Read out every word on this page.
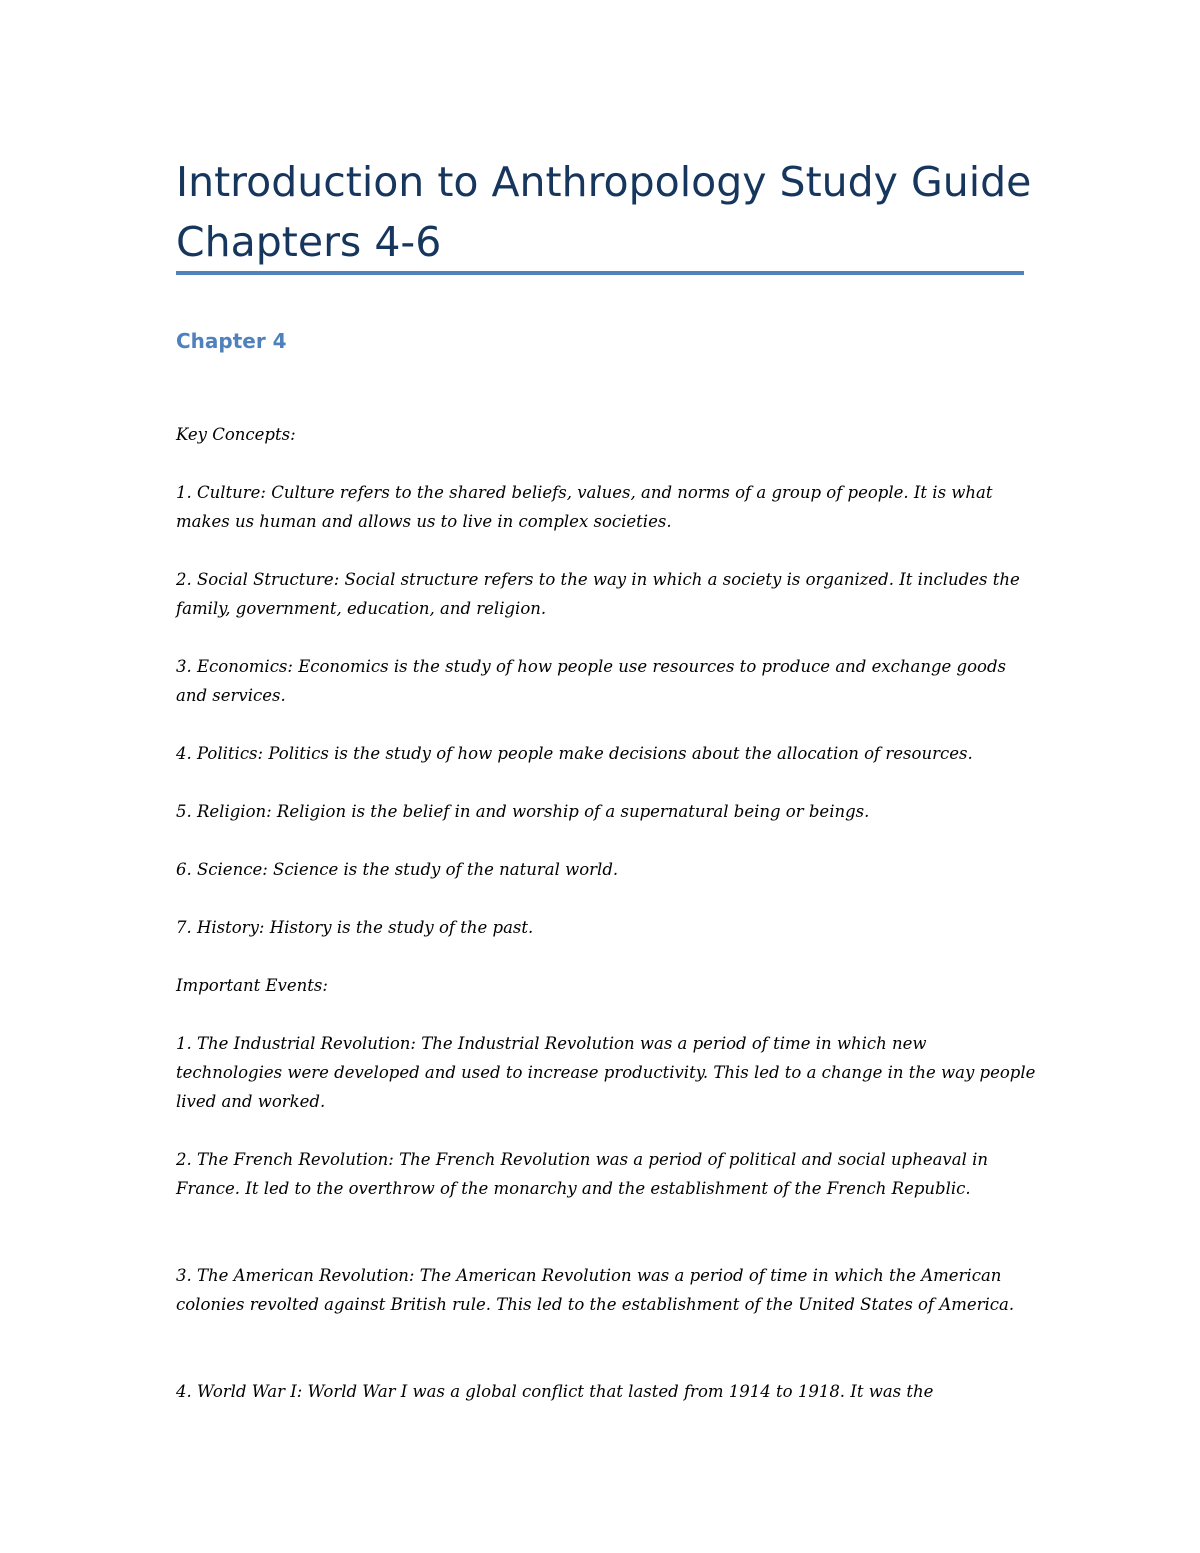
Introduction to Anthropology Study Guide Chapters 4-6
Chapter 4

Key Concepts:

1. Culture: Culture refers to the shared beliefs, values, and norms of a group of people. It is what makes us human and allows us to live in complex societies.

2. Social Structure: Social structure refers to the way in which a society is organized. It includes the family, government, education, and religion.

3. Economics: Economics is the study of how people use resources to produce and exchange goods and services.

4. Politics: Politics is the study of how people make decisions about the allocation of resources.

5. Religion: Religion is the belief in and worship of a supernatural being or beings.

6. Science: Science is the study of the natural world.

7. History: History is the study of the past.

Important Events:

1. The Industrial Revolution: The Industrial Revolution was a period of time in which new technologies were developed and used to increase productivity. This led to a change in the way people lived and worked.

2. The French Revolution: The French Revolution was a period of political and social upheaval in France. It led to the overthrow of the monarchy and the establishment of the French Republic.

3. The American Revolution: The American Revolution was a period of time in which the American colonies revolted against British rule. This led to the establishment of the United States of America.

4. World War I: World War I was a global conflict that lasted from 1914 to 1918. It was the
